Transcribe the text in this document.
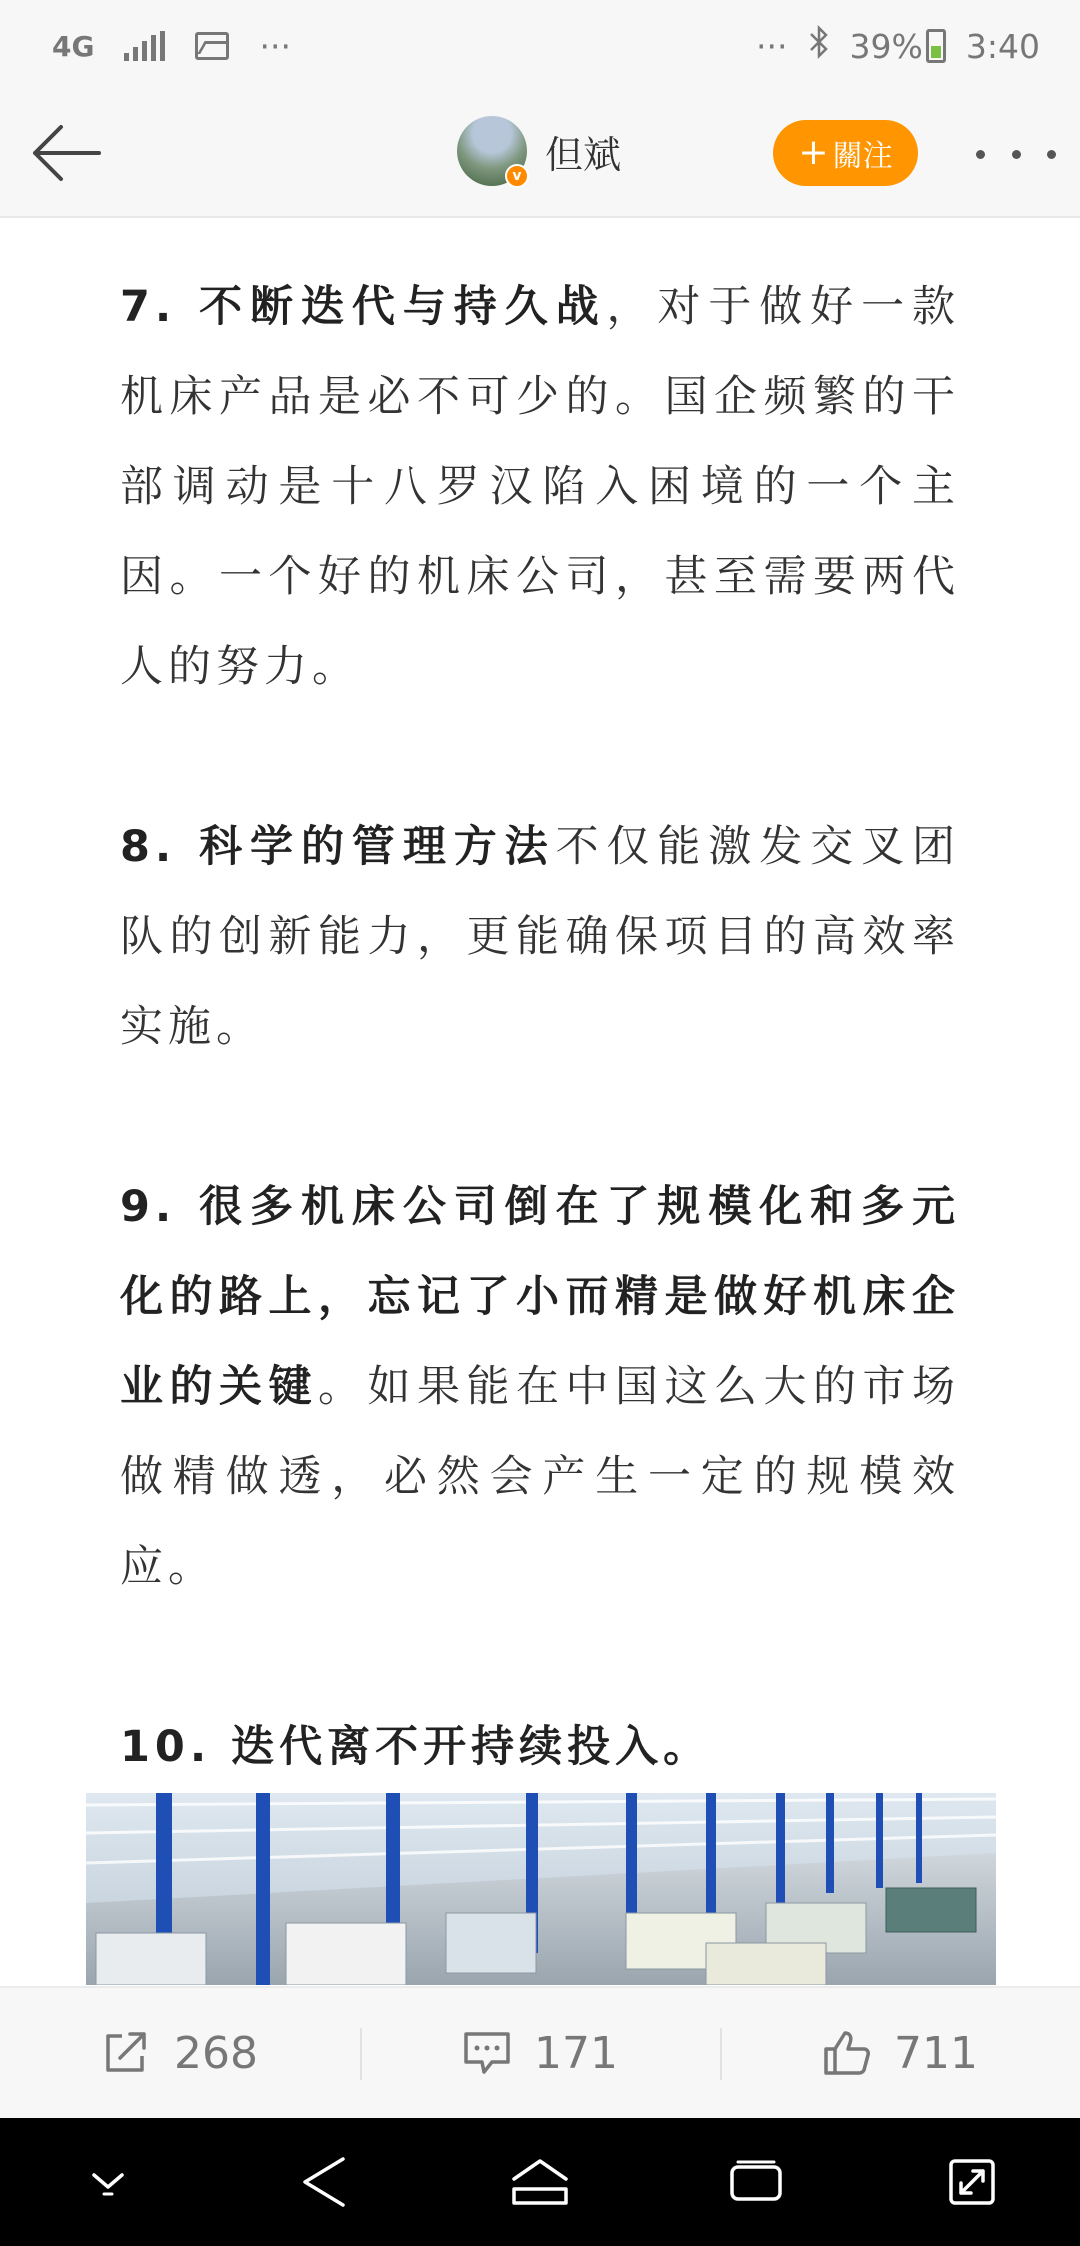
4G	···	··· 39% 3:40
v 但斌	+ 關注

7. 不断迭代与持久战，对于做好一款机床产品是必不可少的。国企频繁的干部调动是十八罗汉陷入困境的一个主因。一个好的机床公司，甚至需要两代人的努力。

8. 科学的管理方法不仅能激发交叉团队的创新能力，更能确保项目的高效率实施。

9. 很多机床公司倒在了规模化和多元化的路上，忘记了小而精是做好机床企业的关键。如果能在中国这么大的市场做精做透，必然会产生一定的规模效应。

10. 迭代离不开持续投入。

268	171	711
